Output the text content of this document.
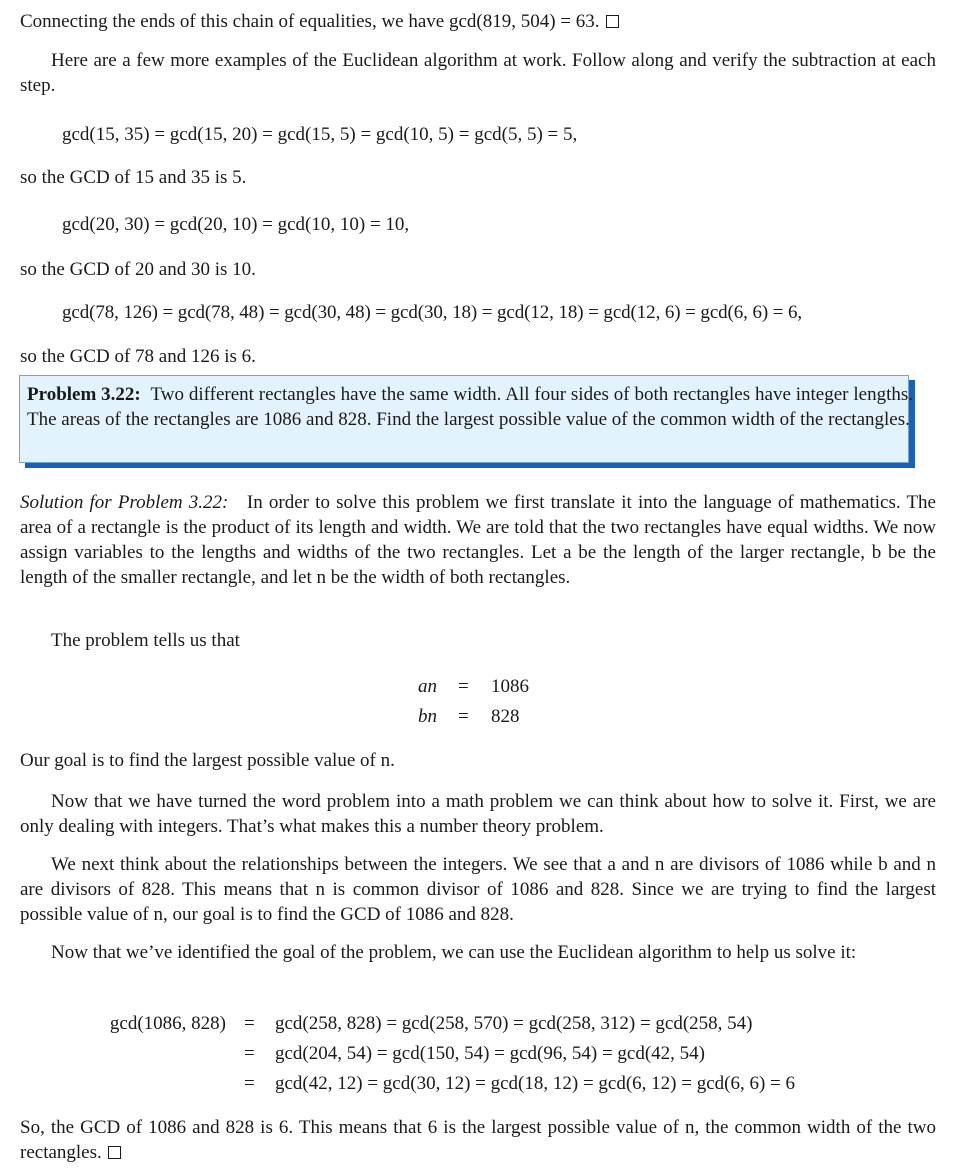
Connecting the ends of this chain of equalities, we have gcd(819, 504) = 63.

Here are a few more examples of the Euclidean algorithm at work. Follow along and verify the subtraction at each step.

gcd(15, 35) = gcd(15, 20) = gcd(15, 5) = gcd(10, 5) = gcd(5, 5) = 5,

so the GCD of 15 and 35 is 5.

gcd(20, 30) = gcd(20, 10) = gcd(10, 10) = 10,

so the GCD of 20 and 30 is 10.

gcd(78, 126) = gcd(78, 48) = gcd(30, 48) = gcd(30, 18) = gcd(12, 18) = gcd(12, 6) = gcd(6, 6) = 6,

so the GCD of 78 and 126 is 6.

Problem 3.22: Two different rectangles have the same width. All four sides of both rectangles have integer lengths. The areas of the rectangles are 1086 and 828. Find the largest possible value of the common width of the rectangles.

Solution for Problem 3.22: In order to solve this problem we first translate it into the language of mathematics. The area of a rectangle is the product of its length and width. We are told that the two rectangles have equal widths. We now assign variables to the lengths and widths of the two rectangles. Let a be the length of the larger rectangle, b be the length of the smaller rectangle, and let n be the width of both rectangles.

The problem tells us that

an = 1086
bn = 828

Our goal is to find the largest possible value of n.

Now that we have turned the word problem into a math problem we can think about how to solve it. First, we are only dealing with integers. That’s what makes this a number theory problem.

We next think about the relationships between the integers. We see that a and n are divisors of 1086 while b and n are divisors of 828. This means that n is common divisor of 1086 and 828. Since we are trying to find the largest possible value of n, our goal is to find the GCD of 1086 and 828.

Now that we’ve identified the goal of the problem, we can use the Euclidean algorithm to help us solve it:

gcd(1086, 828) = gcd(258, 828) = gcd(258, 570) = gcd(258, 312) = gcd(258, 54)
= gcd(204, 54) = gcd(150, 54) = gcd(96, 54) = gcd(42, 54)
= gcd(42, 12) = gcd(30, 12) = gcd(18, 12) = gcd(6, 12) = gcd(6, 6) = 6

So, the GCD of 1086 and 828 is 6. This means that 6 is the largest possible value of n, the common width of the two rectangles.
